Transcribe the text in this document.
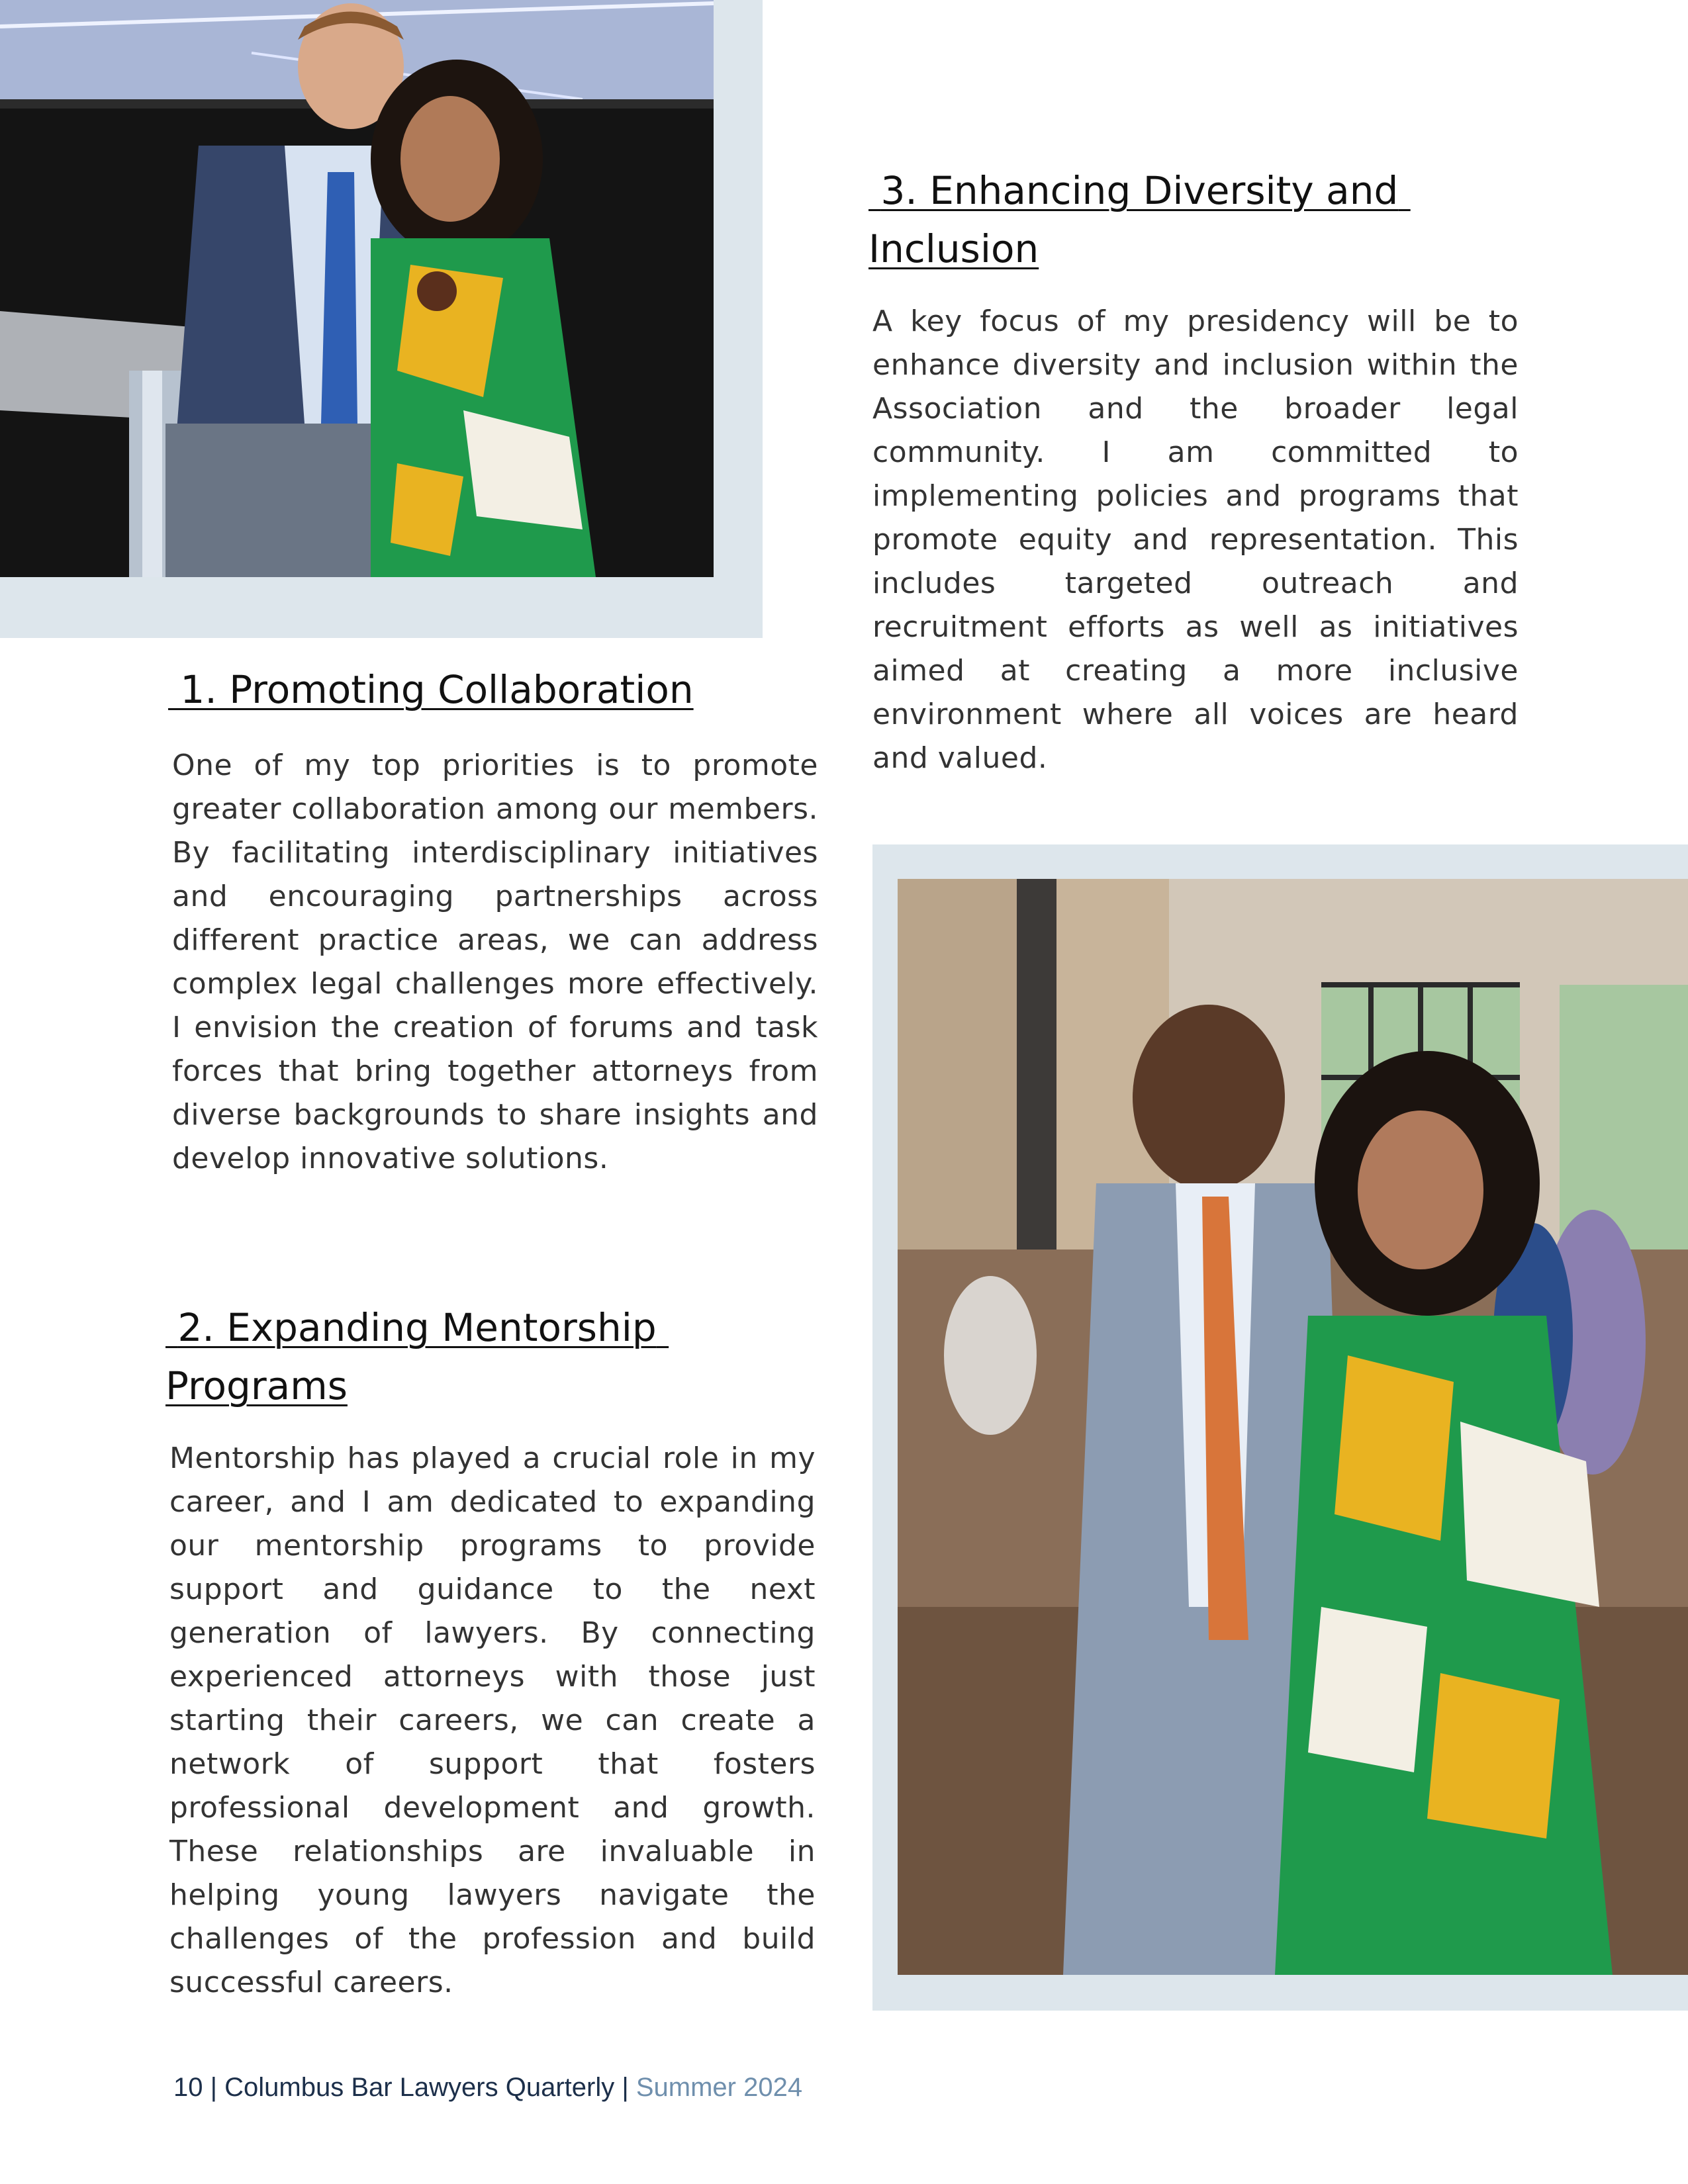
1. Promoting Collaboration

One of my top priorities is to promote greater collaboration among our members. By facilitating interdisciplinary initiatives and encouraging partnerships across different practice areas, we can address complex legal challenges more effectively. I envision the creation of forums and task forces that bring together attorneys from diverse backgrounds to share insights and develop innovative solutions.

2. Expanding Mentorship Programs

Mentorship has played a crucial role in my career, and I am dedicated to expanding our mentorship programs to provide support and guidance to the next generation of lawyers. By connecting experienced attorneys with those just starting their careers, we can create a network of support that fosters professional development and growth. These relationships are invaluable in helping young lawyers navigate the challenges of the profession and build successful careers.

3. Enhancing Diversity and Inclusion

A key focus of my presidency will be to enhance diversity and inclusion within the Association and the broader legal community. I am committed to implementing policies and programs that promote equity and representation. This includes targeted outreach and recruitment efforts as well as initiatives aimed at creating a more inclusive environment where all voices are heard and valued.

10 | Columbus Bar Lawyers Quarterly | Summer 2024
